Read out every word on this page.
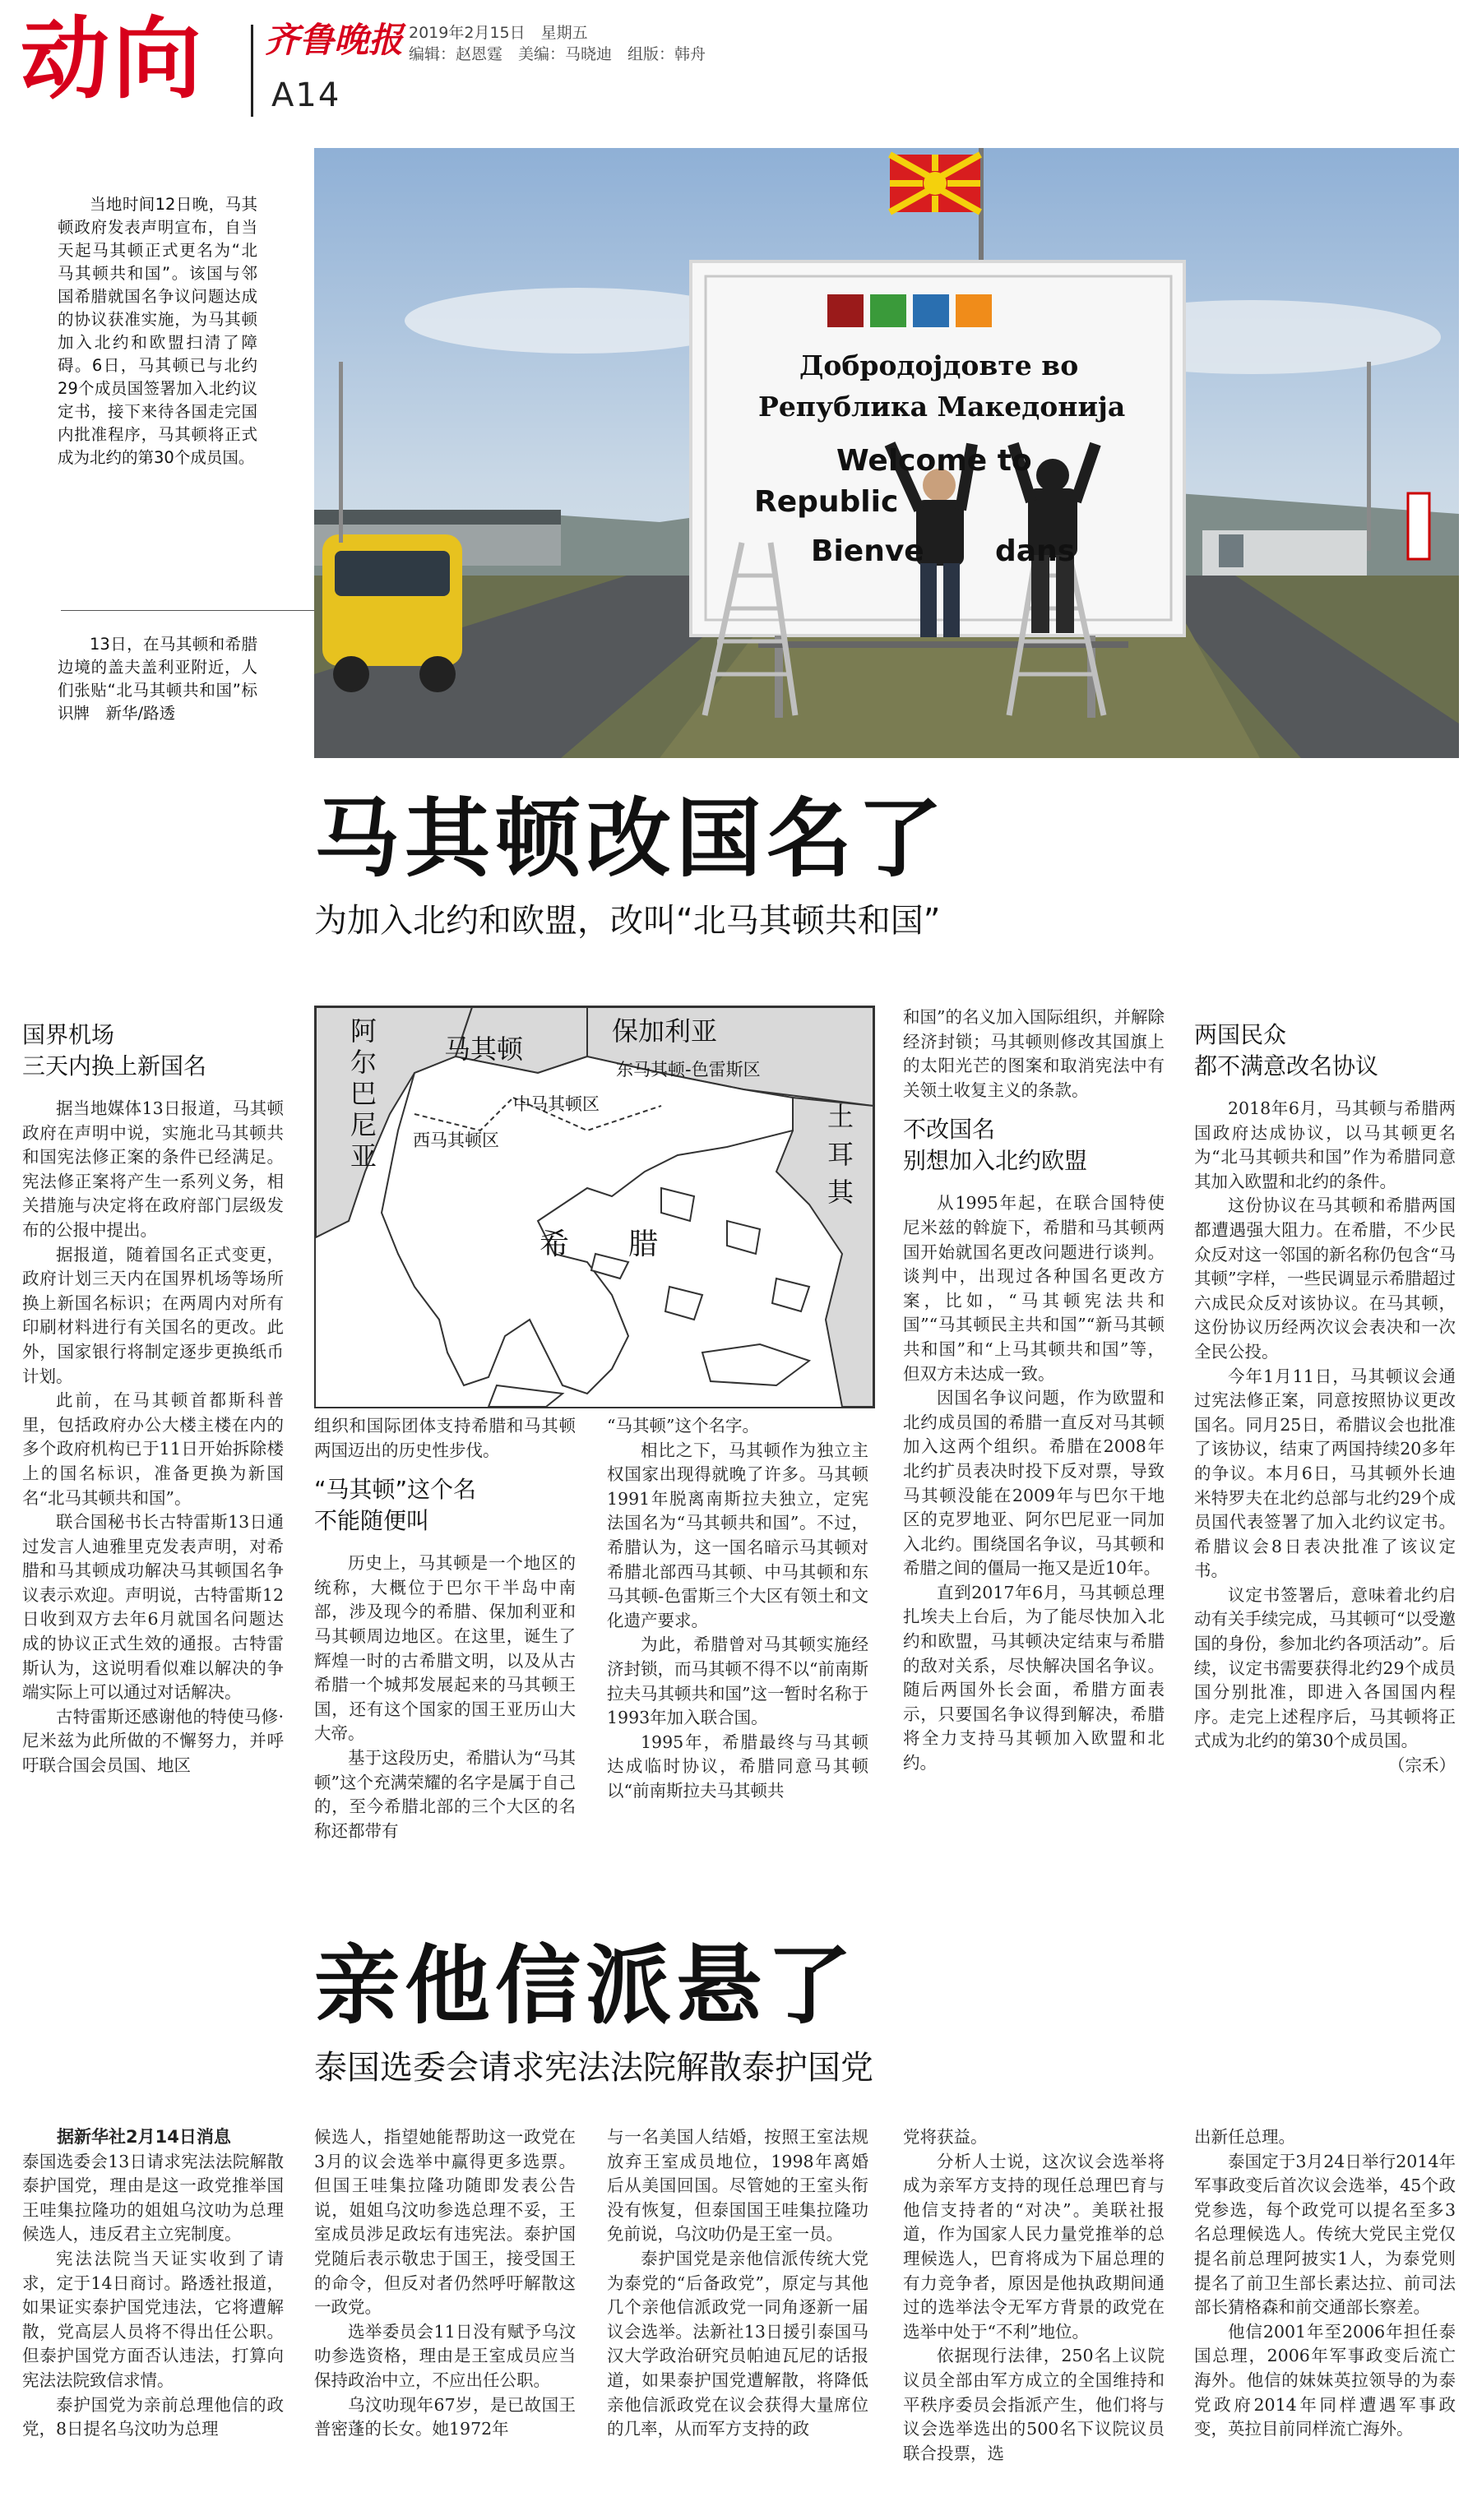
动向 齐鲁晚报 2019年2月15日　星期五
编辑：赵恩霆　美编：马晓迪　组版：韩舟
A14

当地时间12日晚，马其顿政府发表声明宣布，自当天起马其顿正式更名为“北马其顿共和国”。该国与邻国希腊就国名争议问题达成的协议获准实施，为马其顿加入北约和欧盟扫清了障碍。6日，马其顿已与北约29个成员国签署加入北约议定书，接下来待各国走完国内批准程序，马其顿将正式成为北约的第30个成员国。

13日，在马其顿和希腊边境的盖夫盖利亚附近，人们张贴“北马其顿共和国”标识牌　新华/路透
Добродојдовте во
Република Македонија
Welcome to
Republic
Bienve dans
马其顿改国名了
为加入北约和欧盟，改叫“北马其顿共和国”
阿尔巴尼亚
马其顿
保加利亚
东马其顿-色雷斯区
中马其顿区
西马其顿区
希　　腊
土耳其
国界机场
三天内换上新国名

据当地媒体13日报道，马其顿政府在声明中说，实施北马其顿共和国宪法修正案的条件已经满足。宪法修正案将产生一系列义务，相关措施与决定将在政府部门层级发布的公报中提出。

据报道，随着国名正式变更，政府计划三天内在国界机场等场所换上新国名标识；在两周内对所有印刷材料进行有关国名的更改。此外，国家银行将制定逐步更换纸币计划。

此前，在马其顿首都斯科普里，包括政府办公大楼主楼在内的多个政府机构已于11日开始拆除楼上的国名标识，准备更换为新国名“北马其顿共和国”。

联合国秘书长古特雷斯13日通过发言人迪雅里克发表声明，对希腊和马其顿成功解决马其顿国名争议表示欢迎。声明说，古特雷斯12日收到双方去年6月就国名问题达成的协议正式生效的通报。古特雷斯认为，这说明看似难以解决的争端实际上可以通过对话解决。

古特雷斯还感谢他的特使马修·尼米兹为此所做的不懈努力，并呼吁联合国会员国、地区

组织和国际团体支持希腊和马其顿两国迈出的历史性步伐。

“马其顿”这个名
不能随便叫

历史上，马其顿是一个地区的统称，大概位于巴尔干半岛中南部，涉及现今的希腊、保加利亚和马其顿周边地区。在这里，诞生了辉煌一时的古希腊文明，以及从古希腊一个城邦发展起来的马其顿王国，还有这个国家的国王亚历山大大帝。

基于这段历史，希腊认为“马其顿”这个充满荣耀的名字是属于自己的，至今希腊北部的三个大区的名称还都带有

“马其顿”这个名字。

相比之下，马其顿作为独立主权国家出现得就晚了许多。马其顿1991年脱离南斯拉夫独立，定宪法国名为“马其顿共和国”。不过，希腊认为，这一国名暗示马其顿对希腊北部西马其顿、中马其顿和东马其顿-色雷斯三个大区有领土和文化遗产要求。

为此，希腊曾对马其顿实施经济封锁，而马其顿不得不以“前南斯拉夫马其顿共和国”这一暂时名称于1993年加入联合国。

1995年，希腊最终与马其顿达成临时协议，希腊同意马其顿以“前南斯拉夫马其顿共

和国”的名义加入国际组织，并解除经济封锁；马其顿则修改其国旗上的太阳光芒的图案和取消宪法中有关领土收复主义的条款。

不改国名
别想加入北约欧盟

从1995年起，在联合国特使尼米兹的斡旋下，希腊和马其顿两国开始就国名更改问题进行谈判。谈判中，出现过各种国名更改方案，比如，“马其顿宪法共和国”“马其顿民主共和国”“新马其顿共和国”和“上马其顿共和国”等，但双方未达成一致。

因国名争议问题，作为欧盟和北约成员国的希腊一直反对马其顿加入这两个组织。希腊在2008年北约扩员表决时投下反对票，导致马其顿没能在2009年与巴尔干地区的克罗地亚、阿尔巴尼亚一同加入北约。围绕国名争议，马其顿和希腊之间的僵局一拖又是近10年。

直到2017年6月，马其顿总理扎埃夫上台后，为了能尽快加入北约和欧盟，马其顿决定结束与希腊的敌对关系，尽快解决国名争议。随后两国外长会面，希腊方面表示，只要国名争议得到解决，希腊将全力支持马其顿加入欧盟和北约。

两国民众
都不满意改名协议

2018年6月，马其顿与希腊两国政府达成协议，以马其顿更名为“北马其顿共和国”作为希腊同意其加入欧盟和北约的条件。

这份协议在马其顿和希腊两国都遭遇强大阻力。在希腊，不少民众反对这一邻国的新名称仍包含“马其顿”字样，一些民调显示希腊超过六成民众反对该协议。在马其顿，这份协议历经两次议会表决和一次全民公投。

今年1月11日，马其顿议会通过宪法修正案，同意按照协议更改国名。同月25日，希腊议会也批准了该协议，结束了两国持续20多年的争议。本月6日，马其顿外长迪米特罗夫在北约总部与北约29个成员国代表签署了加入北约议定书。希腊议会8日表决批准了该议定书。

议定书签署后，意味着北约启动有关手续完成，马其顿可“以受邀国的身份，参加北约各项活动”。后续，议定书需要获得北约29个成员国分别批准，即进入各国国内程序。走完上述程序后，马其顿将正式成为北约的第30个成员国。

（宗禾）

亲他信派悬了
泰国选委会请求宪法法院解散泰护国党

据新华社2月14日消息

泰国选委会13日请求宪法法院解散泰护国党，理由是这一政党推举国王哇集拉隆功的姐姐乌汶叻为总理候选人，违反君主立宪制度。

宪法法院当天证实收到了请求，定于14日商讨。路透社报道，如果证实泰护国党违法，它将遭解散，党高层人员将不得出任公职。但泰护国党方面否认违法，打算向宪法法院致信求情。

泰护国党为亲前总理他信的政党，8日提名乌汶叻为总理

候选人，指望她能帮助这一政党在3月的议会选举中赢得更多选票。但国王哇集拉隆功随即发表公告说，姐姐乌汶叻参选总理不妥，王室成员涉足政坛有违宪法。泰护国党随后表示敬忠于国王，接受国王的命令，但反对者仍然呼吁解散这一政党。

选举委员会11日没有赋予乌汶叻参选资格，理由是王室成员应当保持政治中立，不应出任公职。

乌汶叻现年67岁，是已故国王普密蓬的长女。她1972年

与一名美国人结婚，按照王室法规放弃王室成员地位，1998年离婚后从美国回国。尽管她的王室头衔没有恢复，但泰国国王哇集拉隆功免前说，乌汶叻仍是王室一员。

泰护国党是亲他信派传统大党为泰党的“后备政党”，原定与其他几个亲他信派政党一同角逐新一届议会选举。法新社13日援引泰国马汉大学政治研究员帕迪瓦尼的话报道，如果泰护国党遭解散，将降低亲他信派政党在议会获得大量席位的几率，从而军方支持的政

党将获益。

分析人士说，这次议会选举将成为亲军方支持的现任总理巴育与他信支持者的“对决”。美联社报道，作为国家人民力量党推举的总理候选人，巴育将成为下届总理的有力竞争者，原因是他执政期间通过的选举法令无军方背景的政党在选举中处于“不利”地位。

依据现行法律，250名上议院议员全部由军方成立的全国维持和平秩序委员会指派产生，他们将与议会选举选出的500名下议院议员联合投票，选

出新任总理。

泰国定于3月24日举行2014年军事政变后首次议会选举，45个政党参选，每个政党可以提名至多3名总理候选人。传统大党民主党仅提名前总理阿披实1人，为泰党则提名了前卫生部长素达拉、前司法部长猜格森和前交通部长察差。

他信2001年至2006年担任泰国总理，2006年军事政变后流亡海外。他信的妹妹英拉领导的为泰党政府2014年同样遭遇军事政变，英拉目前同样流亡海外。
